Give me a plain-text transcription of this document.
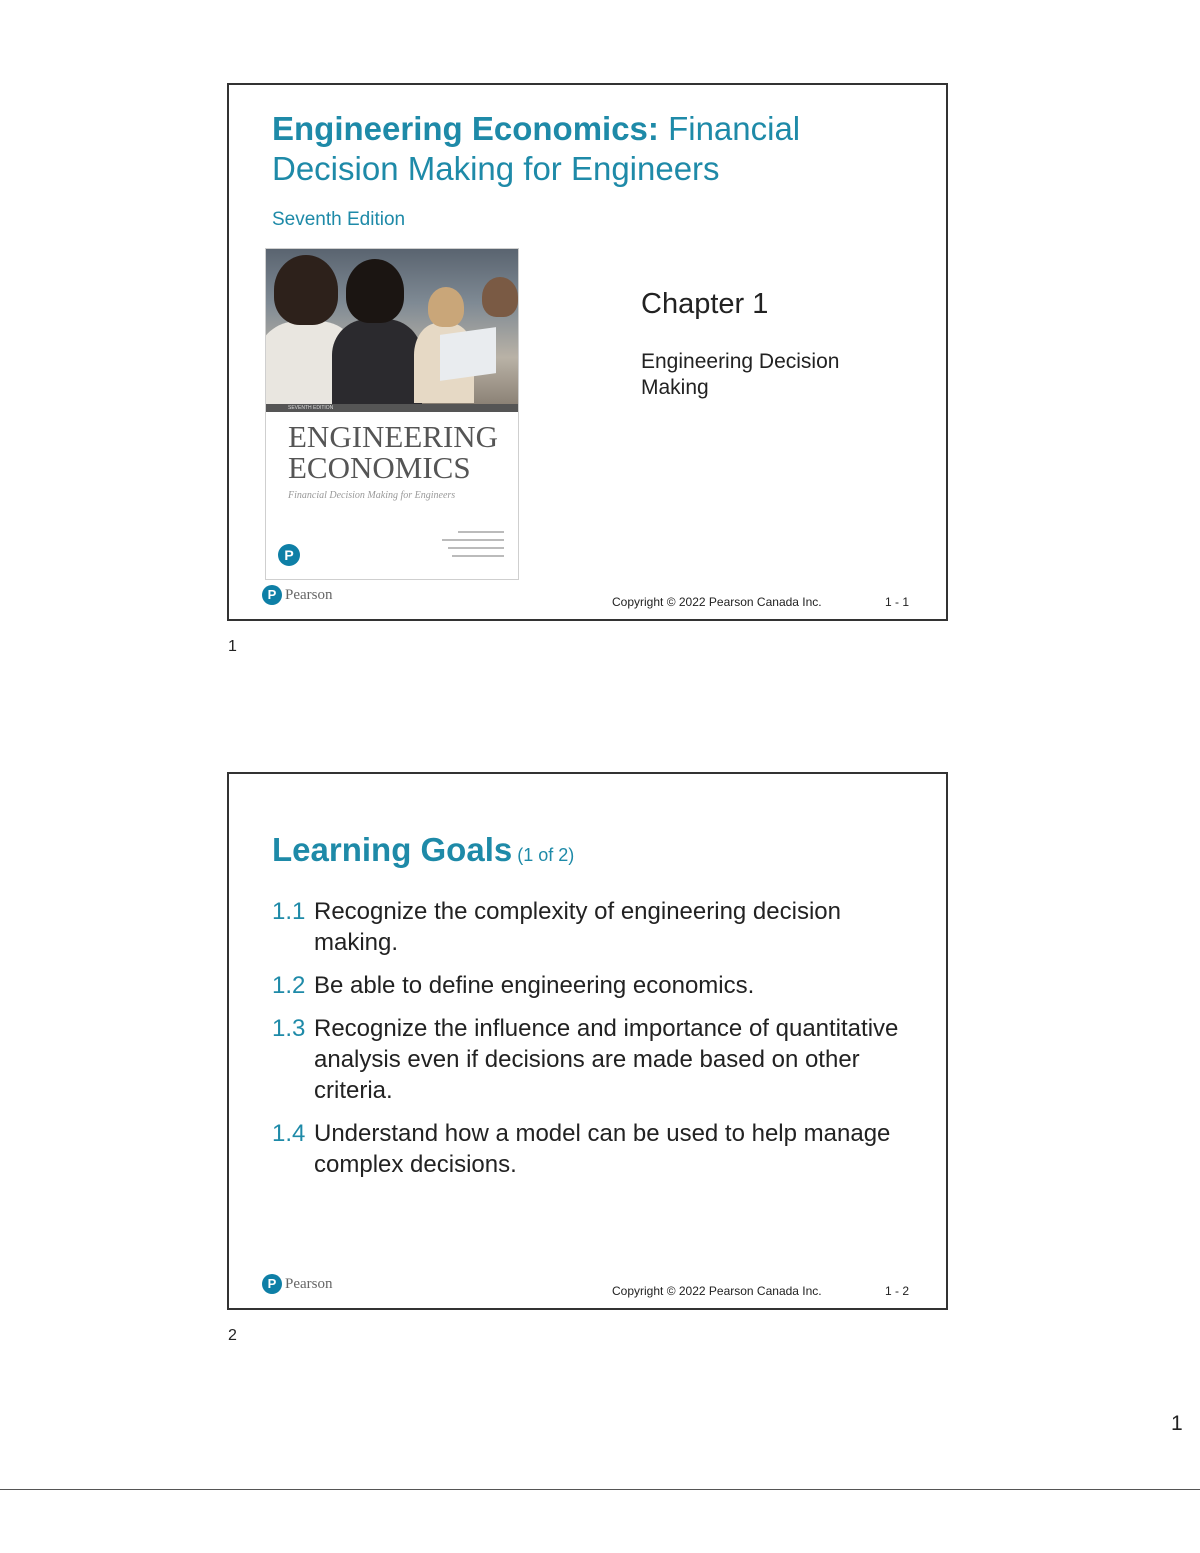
Engineering Economics: Financial Decision Making for Engineers
Seventh Edition
SEVENTH EDITION
ENGINEERING
ECONOMICS
Financial Decision Making for Engineers
P
Chapter 1
Engineering Decision Making
P Pearson	Copyright © 2022 Pearson Canada Inc.	1 - 1
1
Learning Goals (1 of 2)
1.1 Recognize the complexity of engineering decision making.
1.2 Be able to define engineering economics.
1.3 Recognize the influence and importance of quantitative analysis even if decisions are made based on other criteria.
1.4 Understand how a model can be used to help manage complex decisions.
P Pearson	Copyright © 2022 Pearson Canada Inc.	1 - 2
2
1
